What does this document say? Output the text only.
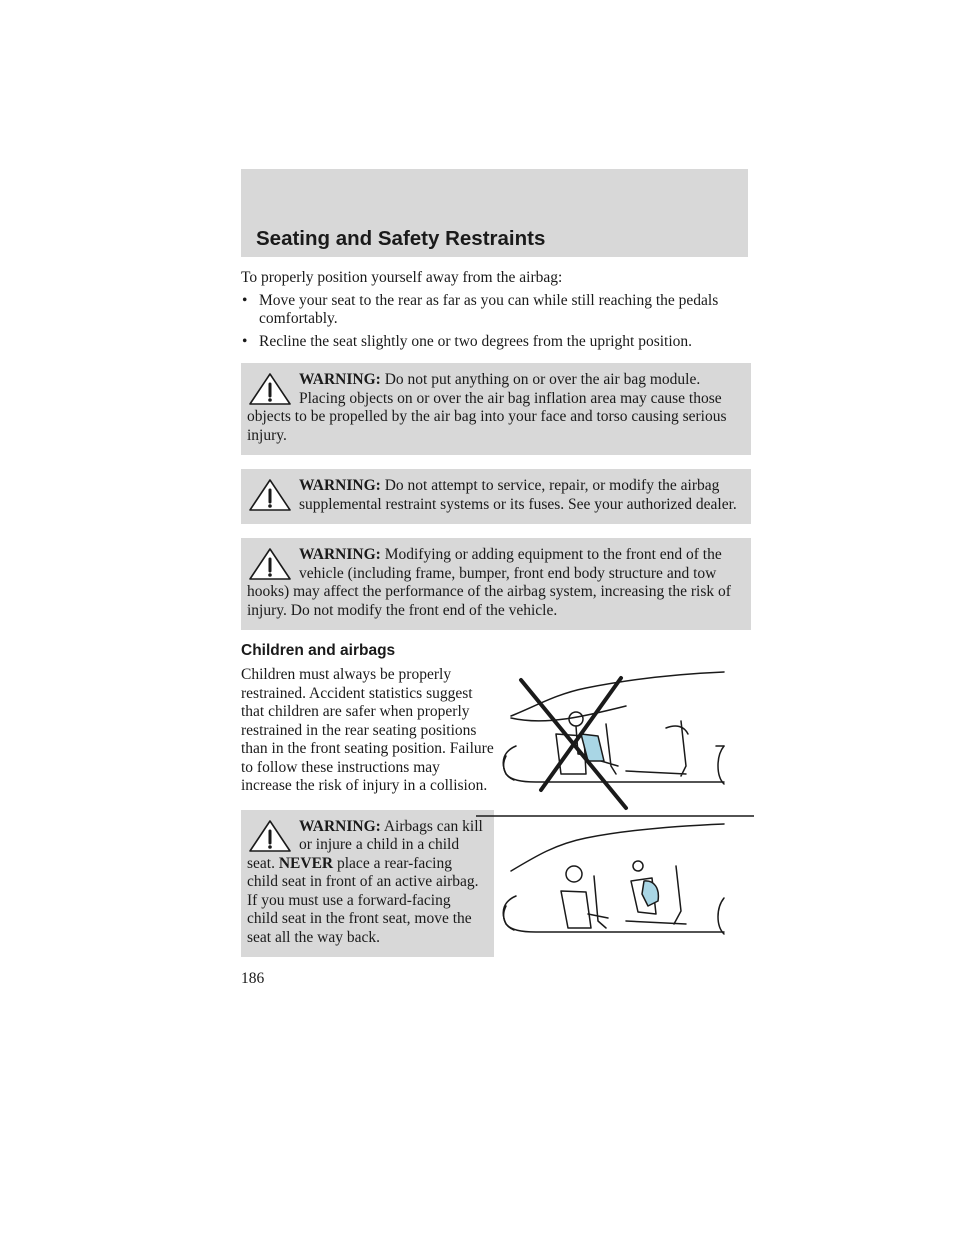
Seating and Safety Restraints

To properly position yourself away from the airbag:

• Move your seat to the rear as far as you can while still reaching the pedals comfortably.
• Recline the seat slightly one or two degrees from the upright position.
WARNING: Do not put anything on or over the air bag module. Placing objects on or over the air bag inflation area may cause those objects to be propelled by the air bag into your face and torso causing serious injury.
WARNING: Do not attempt to service, repair, or modify the airbag supplemental restraint systems or its fuses. See your authorized dealer.
WARNING: Modifying or adding equipment to the front end of the vehicle (including frame, bumper, front end body structure and tow hooks) may affect the performance of the airbag system, increasing the risk of injury. Do not modify the front end of the vehicle.
Children and airbags

Children must always be properly restrained. Accident statistics suggest that children are safer when properly restrained in the rear seating positions than in the front seating position. Failure to follow these instructions may increase the risk of injury in a collision.

WARNING: Airbags can kill or injure a child in a child seat. NEVER place a rear-facing child seat in front of an active airbag. If you must use a forward-facing child seat in the front seat, move the seat all the way back.
186
